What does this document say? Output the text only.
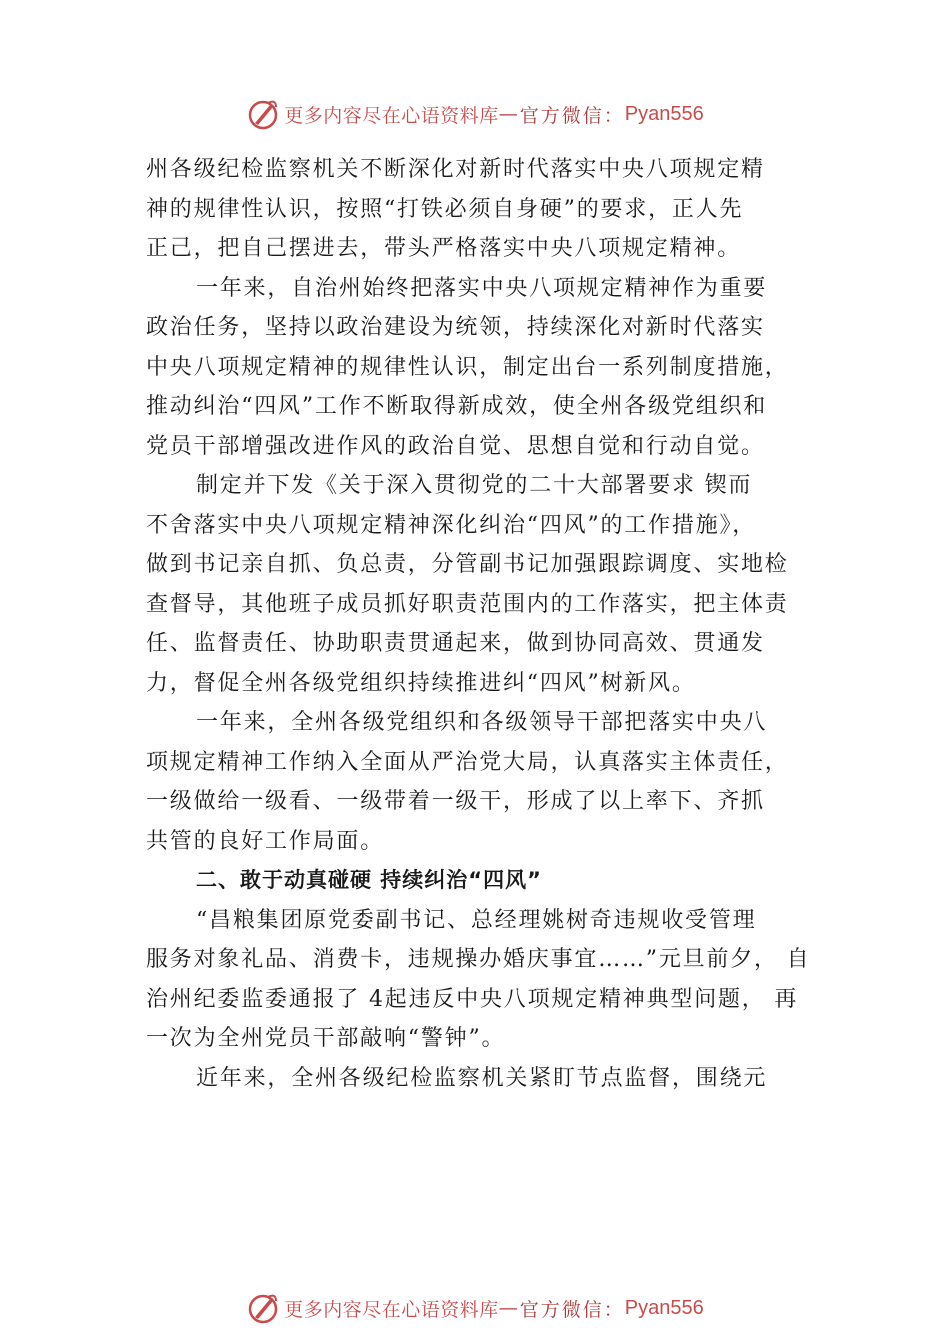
更多内容尽在心语资料库 — 官方微信： Pyan556

州各级纪检监察机关不断深化对新时代落实中央八项规定精
神的规律性认识，按照“打铁必须自身硬”的要求，正人先
正己，把自己摆进去，带头严格落实中央八项规定精神。

一年来，自治州始终把落实中央八项规定精神作为重要
政治任务，坚持以政治建设为统领，持续深化对新时代落实
中央八项规定精神的规律性认识，制定出台一系列制度措施，
推动纠治“四风”工作不断取得新成效，使全州各级党组织和
党员干部增强改进作风的政治自觉、思想自觉和行动自觉。

制定并下发《关于深入贯彻党的二十大部署要求 锲而
不舍落实中央八项规定精神深化纠治“四风”的工作措施》，
做到书记亲自抓、负总责，分管副书记加强跟踪调度、实地检
查督导，其他班子成员抓好职责范围内的工作落实，把主体责
任、监督责任、协助职责贯通起来，做到协同高效、贯通发
力，督促全州各级党组织持续推进纠“四风”树新风。

一年来，全州各级党组织和各级领导干部把落实中央八
项规定精神工作纳入全面从严治党大局，认真落实主体责任，
一级做给一级看、一级带着一级干，形成了以上率下、齐抓
共管的良好工作局面。

二、敢于动真碰硬 持续纠治“四风”

“昌粮集团原党委副书记、总经理姚树奇违规收受管理
服务对象礼品、消费卡，违规操办婚庆事宜……”元旦前夕， 自
治州纪委监委通报了 4起违反中央八项规定精神典型问题， 再
一次为全州党员干部敲响“警钟”。

近年来，全州各级纪检监察机关紧盯节点监督，围绕元

更多内容尽在心语资料库 — 官方微信： Pyan556
